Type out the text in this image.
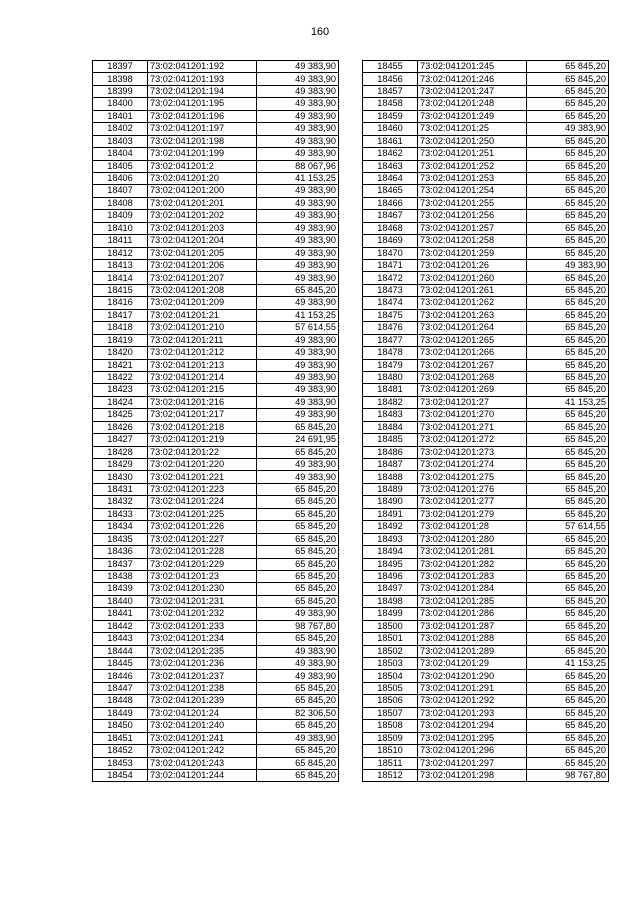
160
18397	73:02:041201:192	49 383,90
18398	73:02:041201:193	49 383,90
18399	73:02:041201:194	49 383,90
18400	73:02:041201:195	49 383,90
18401	73:02:041201:196	49 383,90
18402	73:02:041201:197	49 383,90
18403	73:02:041201:198	49 383,90
18404	73:02:041201:199	49 383,90
18405	73:02:041201:2	88 067,96
18406	73:02:041201:20	41 153,25
18407	73:02:041201:200	49 383,90
18408	73:02:041201:201	49 383,90
18409	73:02:041201:202	49 383,90
18410	73:02:041201:203	49 383,90
18411	73:02:041201:204	49 383,90
18412	73:02:041201:205	49 383,90
18413	73:02:041201:206	49 383,90
18414	73:02:041201:207	49 383,90
18415	73:02:041201:208	65 845,20
18416	73:02:041201:209	49 383,90
18417	73:02:041201:21	41 153,25
18418	73:02:041201:210	57 614,55
18419	73:02:041201:211	49 383,90
18420	73:02:041201:212	49 383,90
18421	73:02:041201:213	49 383,90
18422	73:02:041201:214	49 383,90
18423	73:02:041201:215	49 383,90
18424	73:02:041201:216	49 383,90
18425	73:02:041201:217	49 383,90
18426	73:02:041201:218	65 845,20
18427	73:02:041201:219	24 691,95
18428	73:02:041201:22	65 845,20
18429	73:02:041201:220	49 383,90
18430	73:02:041201:221	49 383,90
18431	73:02:041201:223	65 845,20
18432	73:02:041201:224	65 845,20
18433	73:02:041201:225	65 845,20
18434	73:02:041201:226	65 845,20
18435	73:02:041201:227	65 845,20
18436	73:02:041201:228	65 845,20
18437	73:02:041201:229	65 845,20
18438	73:02:041201:23	65 845,20
18439	73:02:041201:230	65 845,20
18440	73:02:041201:231	65 845,20
18441	73:02:041201:232	49 383,90
18442	73:02:041201:233	98 767,80
18443	73:02:041201:234	65 845,20
18444	73:02:041201:235	49 383,90
18445	73:02:041201:236	49 383,90
18446	73:02:041201:237	49 383,90
18447	73:02:041201:238	65 845,20
18448	73:02:041201:239	65 845,20
18449	73:02:041201:24	82 306,50
18450	73:02:041201:240	65 845,20
18451	73:02:041201:241	49 383,90
18452	73:02:041201:242	65 845,20
18453	73:02:041201:243	65 845,20
18454	73:02:041201:244	65 845,20
18455	73:02:041201:245	65 845,20
18456	73:02:041201:246	65 845,20
18457	73:02:041201:247	65 845,20
18458	73:02:041201:248	65 845,20
18459	73:02:041201:249	65 845,20
18460	73:02:041201:25	49 383,90
18461	73:02:041201:250	65 845,20
18462	73:02:041201:251	65 845,20
18463	73:02:041201:252	65 845,20
18464	73:02:041201:253	65 845,20
18465	73:02:041201:254	65 845,20
18466	73:02:041201:255	65 845,20
18467	73:02:041201:256	65 845,20
18468	73:02:041201:257	65 845,20
18469	73:02:041201:258	65 845,20
18470	73:02:041201:259	65 845,20
18471	73:02:041201:26	49 383,90
18472	73:02:041201:260	65 845,20
18473	73:02:041201:261	65 845,20
18474	73:02:041201:262	65 845,20
18475	73:02:041201:263	65 845,20
18476	73:02:041201:264	65 845,20
18477	73:02:041201:265	65 845,20
18478	73:02:041201:266	65 845,20
18479	73:02:041201:267	65 845,20
18480	73:02:041201:268	65 845,20
18481	73:02:041201:269	65 845,20
18482	73:02:041201:27	41 153,25
18483	73:02:041201:270	65 845,20
18484	73:02:041201:271	65 845,20
18485	73:02:041201:272	65 845,20
18486	73:02:041201:273	65 845,20
18487	73:02:041201:274	65 845,20
18488	73:02:041201:275	65 845,20
18489	73:02:041201:276	65 845,20
18490	73:02:041201:277	65 845,20
18491	73:02:041201:279	65 845,20
18492	73:02:041201:28	57 614,55
18493	73:02:041201:280	65 845,20
18494	73:02:041201:281	65 845,20
18495	73:02:041201:282	65 845,20
18496	73:02:041201:283	65 845,20
18497	73:02:041201:284	65 845,20
18498	73:02:041201:285	65 845,20
18499	73:02:041201:286	65 845,20
18500	73:02:041201:287	65 845,20
18501	73:02:041201:288	65 845,20
18502	73:02:041201:289	65 845,20
18503	73:02:041201:29	41 153,25
18504	73:02:041201:290	65 845,20
18505	73:02:041201:291	65 845,20
18506	73:02:041201:292	65 845,20
18507	73:02:041201:293	65 845,20
18508	73:02:041201:294	65 845,20
18509	73:02:041201:295	65 845,20
18510	73:02:041201:296	65 845,20
18511	73:02:041201:297	65 845,20
18512	73:02:041201:298	98 767,80
